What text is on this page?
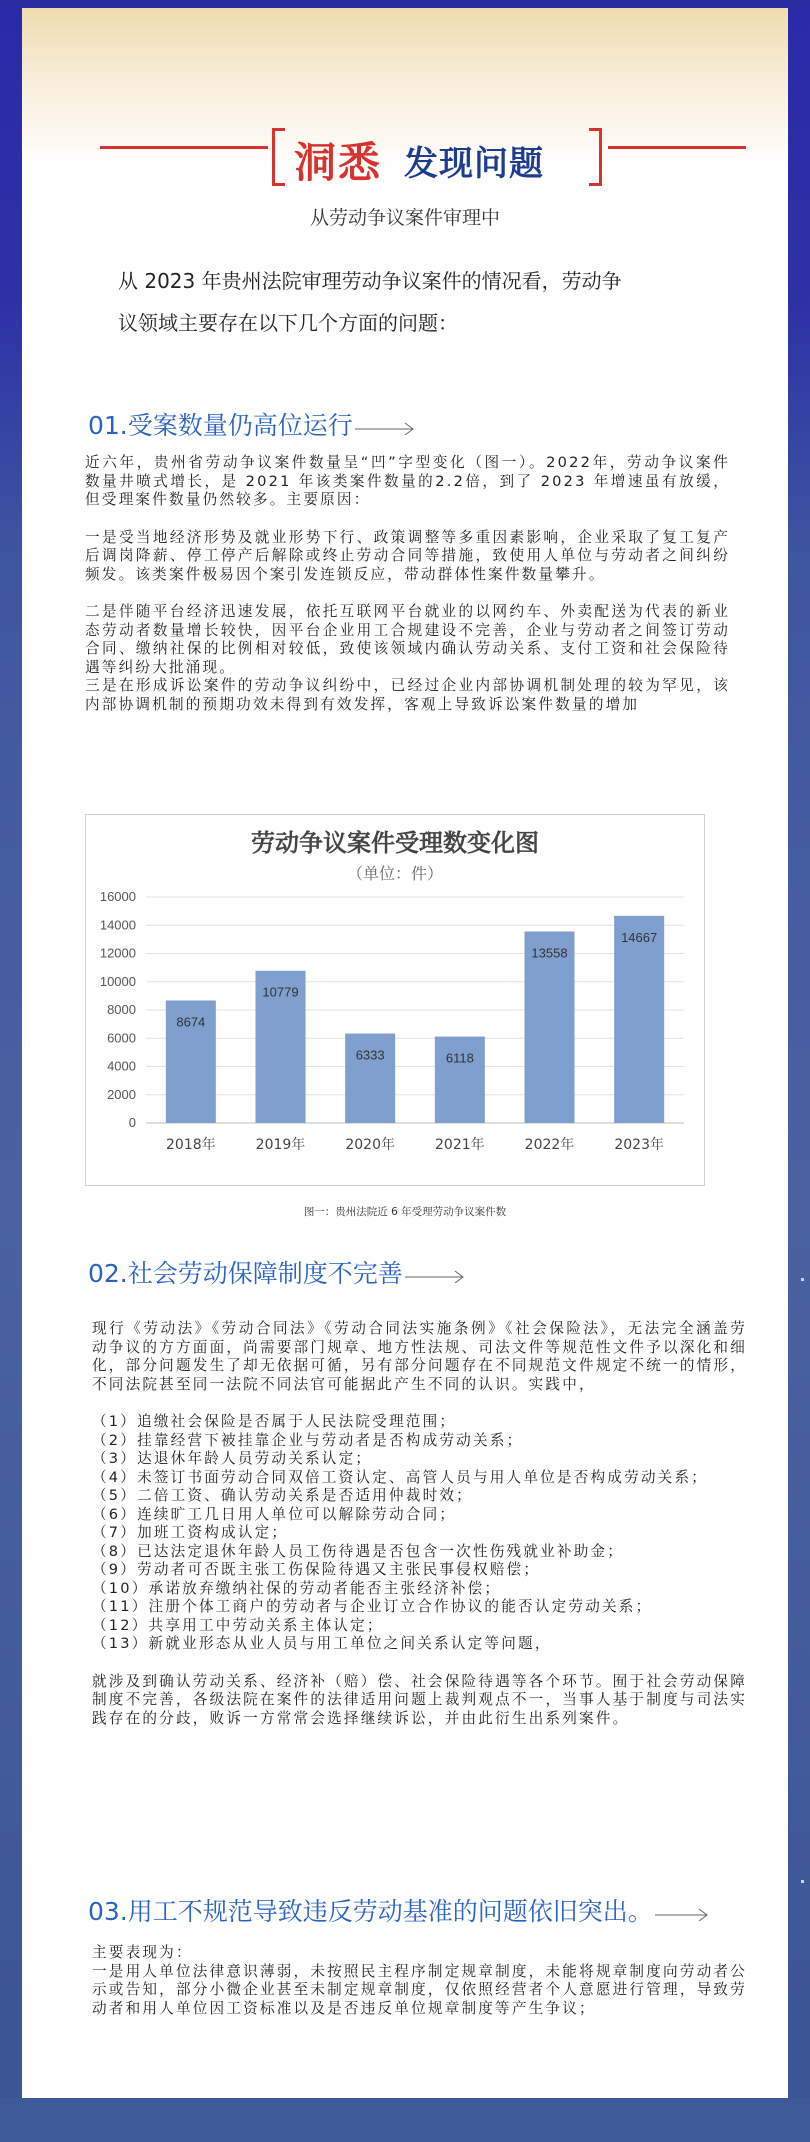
洞悉 发现问题
从劳动争议案件审理中
从 2023 年贵州法院审理劳动争议案件的情况看，劳动争议领域主要存在以下几个方面的问题：
01.受案数量仍高位运行

近六年，贵州省劳动争议案件数量呈“凹”字型变化（图一）。2022年，劳动争议案件数量井喷式增长，是 2021 年该类案件数量的2.2倍，到了 2023 年增速虽有放缓，但受理案件数量仍然较多。主要原因：

一是受当地经济形势及就业形势下行、政策调整等多重因素影响，企业采取了复工复产后调岗降薪、停工停产后解除或终止劳动合同等措施，致使用人单位与劳动者之间纠纷频发。该类案件极易因个案引发连锁反应，带动群体性案件数量攀升。

二是伴随平台经济迅速发展，依托互联网平台就业的以网约车、外卖配送为代表的新业态劳动者数量增长较快，因平台企业用工合规建设不完善，企业与劳动者之间签订劳动合同、缴纳社保的比例相对较低，致使该领域内确认劳动关系、支付工资和社会保险待遇等纠纷大批涌现。

三是在形成诉讼案件的劳动争议纠纷中，已经过企业内部协调机制处理的较为罕见，该内部协调机制的预期功效未得到有效发挥，客观上导致诉讼案件数量的增加

劳动争议案件受理数变化图
（单位：件）
0
2000
4000
6000
8000
10000
12000
14000
16000
8674
2018年
10779
2019年
6333
2020年
6118
2021年
13558
2022年
14667
2023年
图一：贵州法院近 6 年受理劳动争议案件数
02.社会劳动保障制度不完善

现行《劳动法》《劳动合同法》《劳动合同法实施条例》《社会保险法》，无法完全涵盖劳动争议的方方面面，尚需要部门规章、地方性法规、司法文件等规范性文件予以深化和细化，部分问题发生了却无依据可循，另有部分问题存在不同规范文件规定不统一的情形，不同法院甚至同一法院不同法官可能据此产生不同的认识。实践中，

（1）追缴社会保险是否属于人民法院受理范围；

（2）挂靠经营下被挂靠企业与劳动者是否构成劳动关系；

（3）达退休年龄人员劳动关系认定；

（4）未签订书面劳动合同双倍工资认定、高管人员与用人单位是否构成劳动关系；

（5）二倍工资、确认劳动关系是否适用仲裁时效；

（6）连续旷工几日用人单位可以解除劳动合同；

（7）加班工资构成认定；

（8）已达法定退休年龄人员工伤待遇是否包含一次性伤残就业补助金；

（9）劳动者可否既主张工伤保险待遇又主张民事侵权赔偿；

（10）承诺放弃缴纳社保的劳动者能否主张经济补偿；

（11）注册个体工商户的劳动者与企业订立合作协议的能否认定劳动关系；

（12）共享用工中劳动关系主体认定；

（13）新就业形态从业人员与用工单位之间关系认定等问题，

就涉及到确认劳动关系、经济补（赔）偿、社会保险待遇等各个环节。囿于社会劳动保障制度不完善，各级法院在案件的法律适用问题上裁判观点不一，当事人基于制度与司法实践存在的分歧，败诉一方常常会选择继续诉讼，并由此衍生出系列案件。

03.用工不规范导致违反劳动基准的问题依旧突出。

主要表现为：

一是用人单位法律意识薄弱，未按照民主程序制定规章制度，未能将规章制度向劳动者公示或告知，部分小微企业甚至未制定规章制度，仅依照经营者个人意愿进行管理，导致劳动者和用人单位因工资标准以及是否违反单位规章制度等产生争议；
